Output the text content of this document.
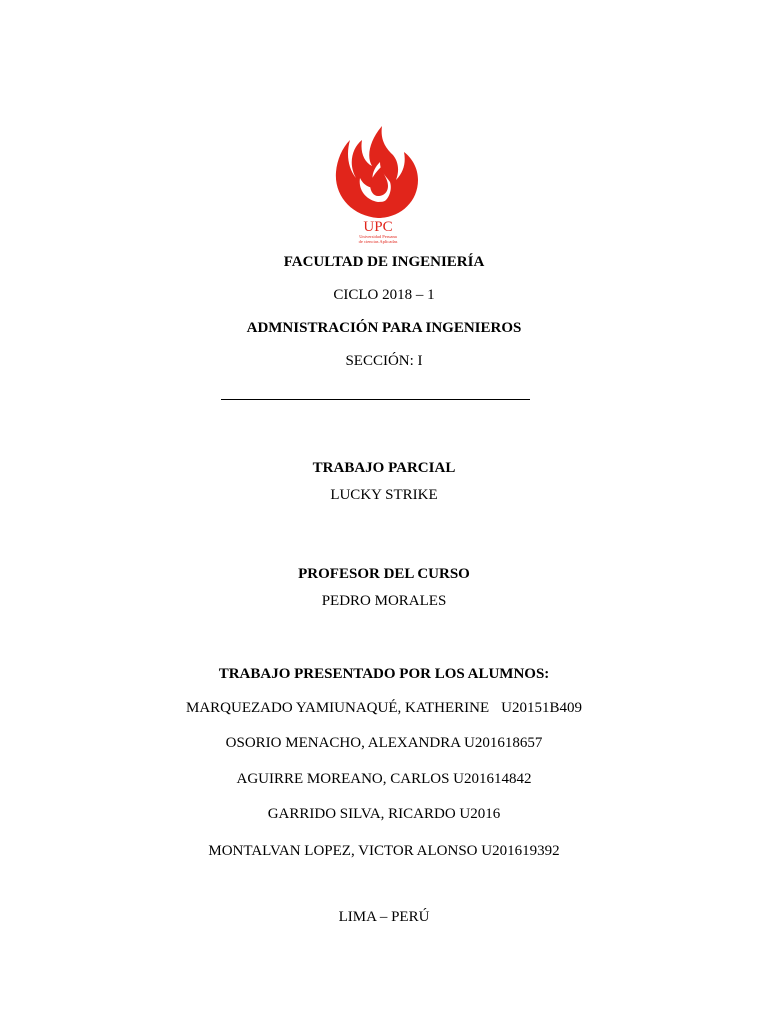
UPC
Universidad Peruana
de ciencias Aplicadas
FACULTAD DE INGENIERÍA
CICLO 2018 – 1
ADMNISTRACIÓN PARA INGENIEROS
SECCIÓN: I
TRABAJO PARCIAL
LUCKY STRIKE
PROFESOR DEL CURSO
PEDRO MORALES
TRABAJO PRESENTADO POR LOS ALUMNOS:
MARQUEZADO YAMIUNAQUÉ, KATHERINE U20151B409
OSORIO MENACHO, ALEXANDRA U201618657
AGUIRRE MOREANO, CARLOS U201614842
GARRIDO SILVA, RICARDO U2016
MONTALVAN LOPEZ, VICTOR ALONSO U201619392
LIMA – PERÚ
